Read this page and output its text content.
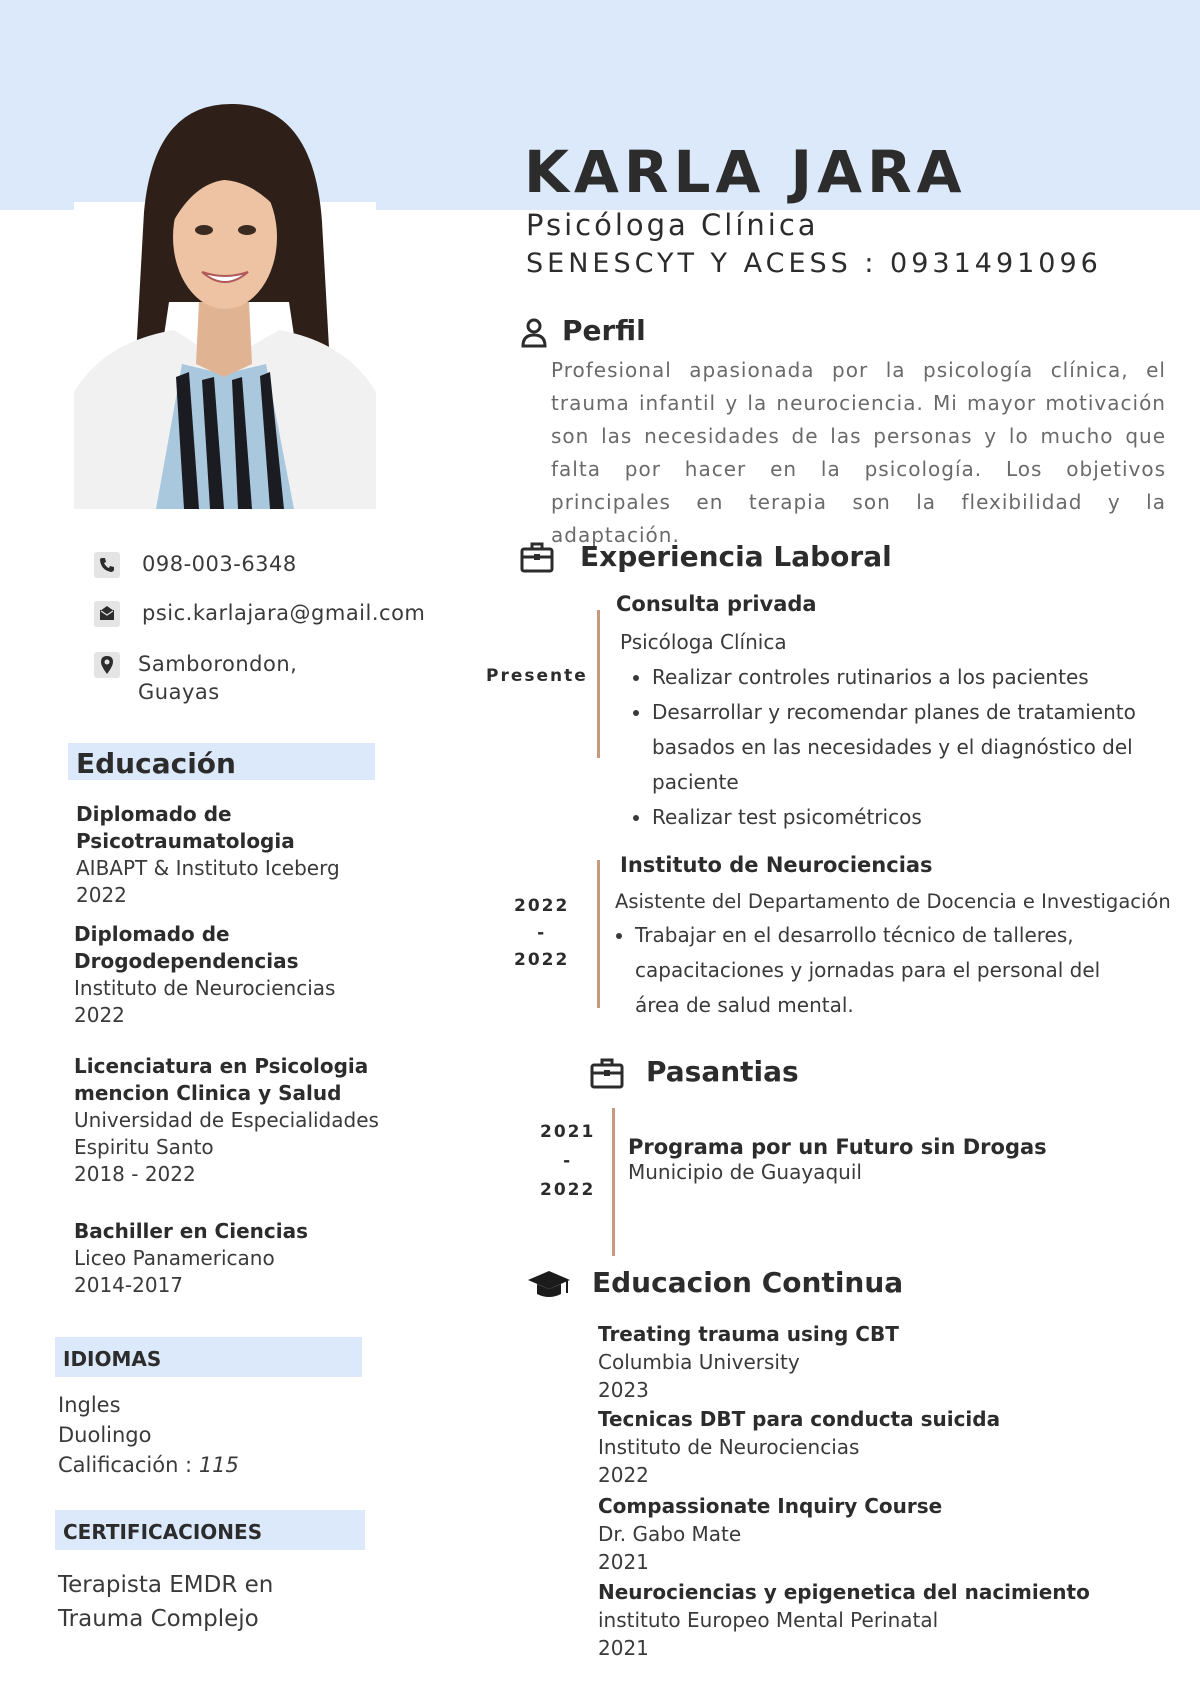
KARLA JARA
Psicóloga Clínica
SENESCYT Y ACESS : 0931491096
098-003-6348
psic.karlajara@gmail.com
Samborondon,
Guayas
Educación
Diplomado de Psicotraumatologia
AIBAPT & Instituto Iceberg
2022
Diplomado de Drogodependencias
Instituto de Neurociencias
2022
Licenciatura en Psicologia mencion Clinica y Salud
Universidad de Especialidades Espiritu Santo
2018 - 2022
Bachiller en Ciencias
Liceo Panamericano
2014-2017
IDIOMAS
Ingles
Duolingo
Calificación : 115
CERTIFICACIONES
Terapista EMDR en
Trauma Complejo
Perfil
Profesional apasionada por la psicología clínica, el trauma infantil y la neurociencia. Mi mayor motivación son las necesidades de las personas y lo mucho que falta por hacer en la psicología. Los objetivos principales en terapia son la flexibilidad y la adaptación.
Experiencia Laboral
Presente
Consulta privada
Psicóloga Clínica
• Realizar controles rutinarios a los pacientes
• Desarrollar y recomendar planes de tratamiento basados en las necesidades y el diagnóstico del paciente
• Realizar test psicométricos
2022
-
2022
Instituto de Neurociencias
Asistente del Departamento de Docencia e Investigación
• Trabajar en el desarrollo técnico de talleres, capacitaciones y jornadas para el personal del área de salud mental.
Pasantias
2021
-
2022
Programa por un Futuro sin Drogas
Municipio de Guayaquil
Educacion Continua
Treating trauma using CBT
Columbia University
2023
Tecnicas DBT para conducta suicida
Instituto de Neurociencias
2022
Compassionate Inquiry Course
Dr. Gabo Mate
2021
Neurociencias y epigenetica del nacimiento
instituto Europeo Mental Perinatal
2021
